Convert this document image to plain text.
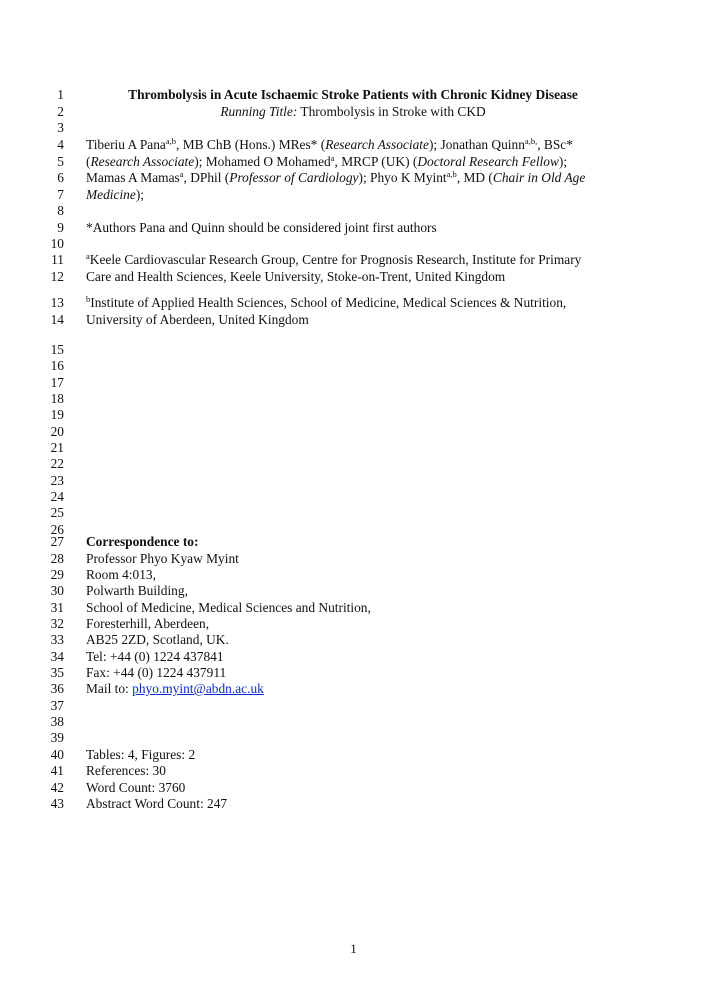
1
2
3
4
5
6
7
8
9
10
11
12
13
14
15
16
17
18
19
20
21
22
23
24
25
26
27
28
29
30
31
32
33
34
35
36
37
38
39
40
41
42
43
Thrombolysis in Acute Ischaemic Stroke Patients with Chronic Kidney Disease
Running Title: Thrombolysis in Stroke with CKD
Tiberiu A Pana$^{a,b}$, MB ChB (Hons.) MRes* (Research Associate); Jonathan Quinn$^{a,b,}$, BSc*
(Research Associate); Mohamed O Mohamed$^a$, MRCP (UK) (Doctoral Research Fellow);
Mamas A Mamas$^a$, DPhil (Professor of Cardiology); Phyo K Myint$^{a,b}$, MD (Chair in Old Age
Medicine);
*Authors Pana and Quinn should be considered joint first authors
$^a$Keele Cardiovascular Research Group, Centre for Prognosis Research, Institute for Primary
Care and Health Sciences, Keele University, Stoke-on-Trent, United Kingdom
$^b$Institute of Applied Health Sciences, School of Medicine, Medical Sciences & Nutrition,
University of Aberdeen, United Kingdom
Correspondence to:
Professor Phyo Kyaw Myint
Room 4:013,
Polwarth Building,
School of Medicine, Medical Sciences and Nutrition,
Foresterhill, Aberdeen,
AB25 2ZD, Scotland, UK.
Tel: +44 (0) 1224 437841
Fax: +44 (0) 1224 437911
Mail to: phyo.myint@abdn.ac.uk
Tables: 4, Figures: 2
References: 30
Word Count: 3760
Abstract Word Count: 247
1
